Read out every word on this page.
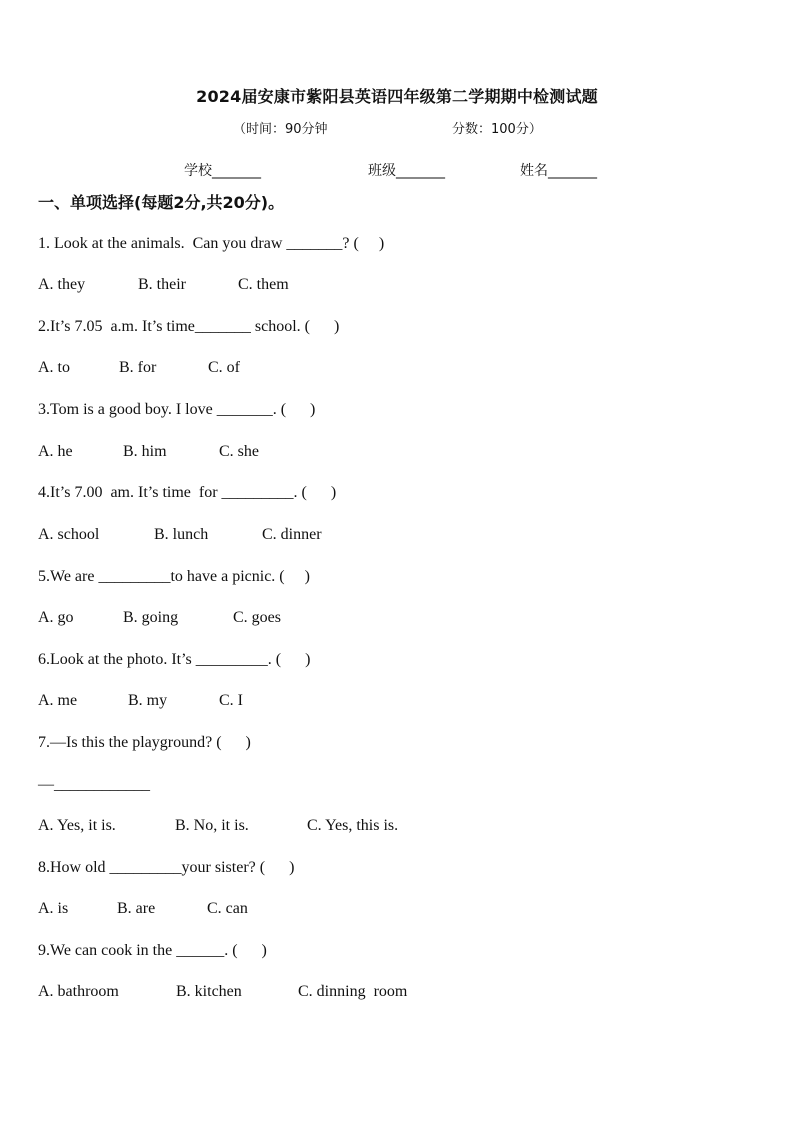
2024届安康市紫阳县英语四年级第二学期期中检测试题
（时间：90分钟	分数：100分）
学校_______	班级_______	姓名_______
一、单项选择(每题2分,共20分)。
1. Look at the animals.  Can you draw _______? (     )
A. they	B. their	C. them
2.It’s 7.05  a.m. It’s time_______ school. (      )
A. to	B. for	C. of
3.Tom is a good boy. I love _______. (      )
A. he	B. him	C. she
4.It’s 7.00  am. It’s time  for _________. (      )
A. school	B. lunch	C. dinner
5.We are _________to have a picnic. (     )
A. go	B. going	C. goes
6.Look at the photo. It’s _________. (      )
A. me	B. my	C. I
7.—Is this the playground? (      )
—____________
A. Yes, it is.	B. No, it is.	C. Yes, this is.
8.How old _________your sister? (      )
A. is	B. are	C. can
9.We can cook in the ______. (      )
A. bathroom	B. kitchen	C. dinning  room
